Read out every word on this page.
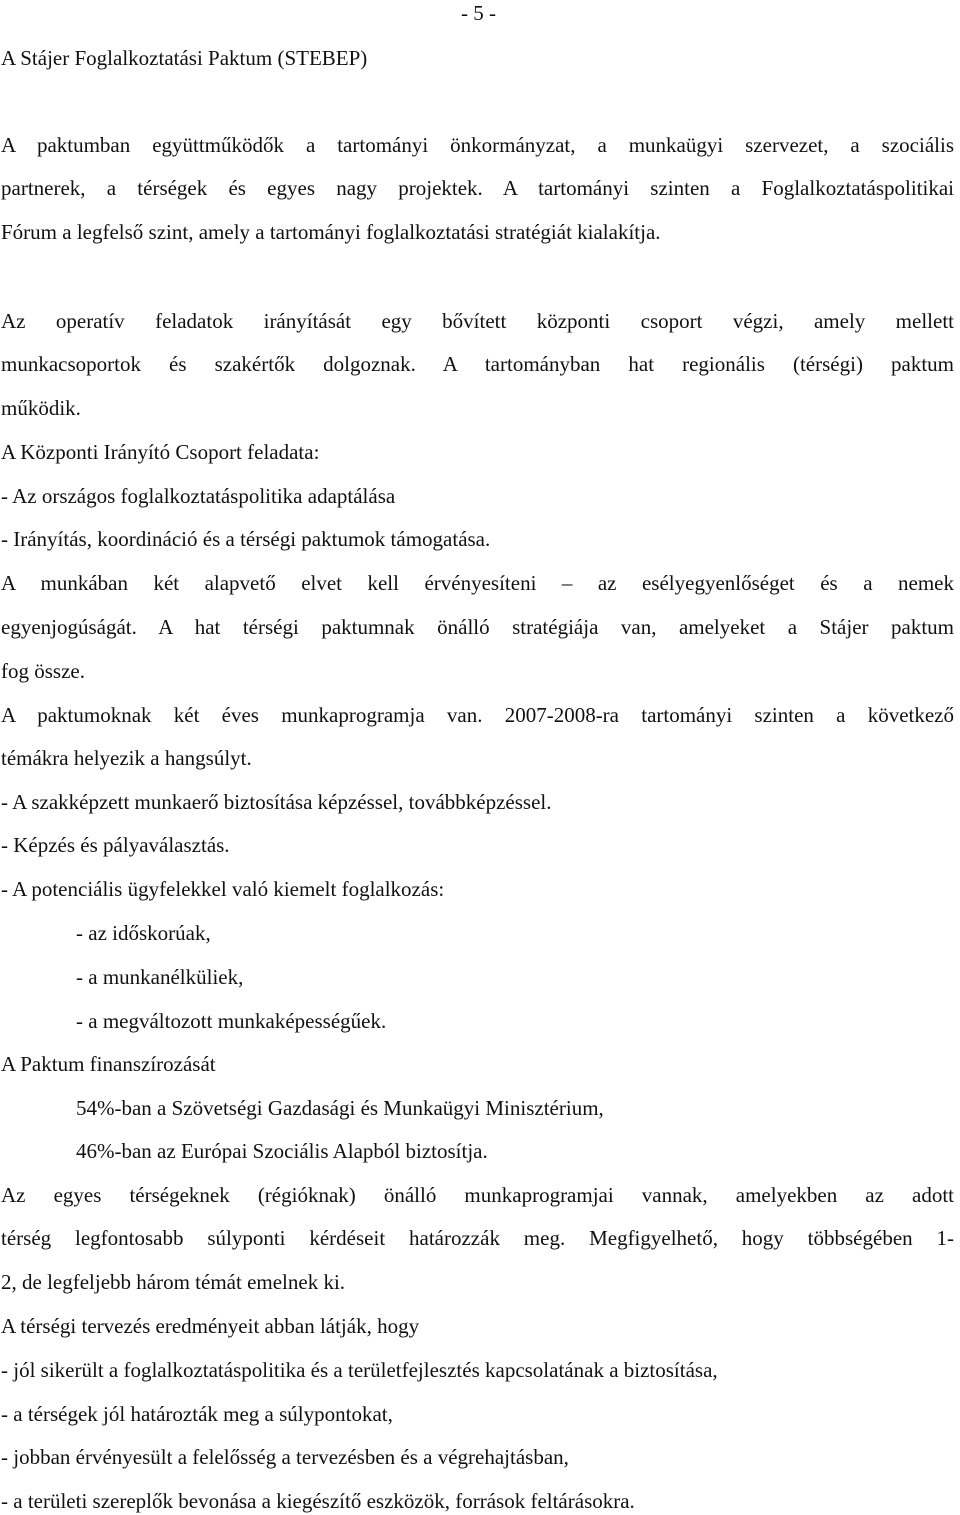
- 5 -
A Stájer Foglalkoztatási Paktum (STEBEP)
A paktumban együttműködők a tartományi önkormányzat, a munkaügyi szervezet, a szociális
partnerek, a térségek és egyes nagy projektek. A tartományi szinten a Foglalkoztatáspolitikai
Fórum a legfelső szint, amely a tartományi foglalkoztatási stratégiát kialakítja.
Az operatív feladatok irányítását egy bővített központi csoport végzi, amely mellett
munkacsoportok és szakértők dolgoznak. A tartományban hat regionális (térségi) paktum
működik.
A Központi Irányító Csoport feladata:
- Az országos foglalkoztatáspolitika adaptálása
- Irányítás, koordináció és a térségi paktumok támogatása.
A munkában két alapvető elvet kell érvényesíteni – az esélyegyenlőséget és a nemek
egyenjogúságát. A hat térségi paktumnak önálló stratégiája van, amelyeket a Stájer paktum
fog össze.
A paktumoknak két éves munkaprogramja van. 2007-2008-ra tartományi szinten a következő
témákra helyezik a hangsúlyt.
- A szakképzett munkaerő biztosítása képzéssel, továbbképzéssel.
- Képzés és pályaválasztás.
- A potenciális ügyfelekkel való kiemelt foglalkozás:
- az időskorúak,
- a munkanélküliek,
- a megváltozott munkaképességűek.
A Paktum finanszírozását
54%-ban a Szövetségi Gazdasági és Munkaügyi Minisztérium,
46%-ban az Európai Szociális Alapból biztosítja.
Az egyes térségeknek (régióknak) önálló munkaprogramjai vannak, amelyekben az adott
térség legfontosabb súlyponti kérdéseit határozzák meg. Megfigyelhető, hogy többségében 1-
2, de legfeljebb három témát emelnek ki.
A térségi tervezés eredményeit abban látják, hogy
- jól sikerült a foglalkoztatáspolitika és a területfejlesztés kapcsolatának a biztosítása,
- a térségek jól határozták meg a súlypontokat,
- jobban érvényesült a felelősség a tervezésben és a végrehajtásban,
- a területi szereplők bevonása a kiegészítő eszközök, források feltárásokra.
